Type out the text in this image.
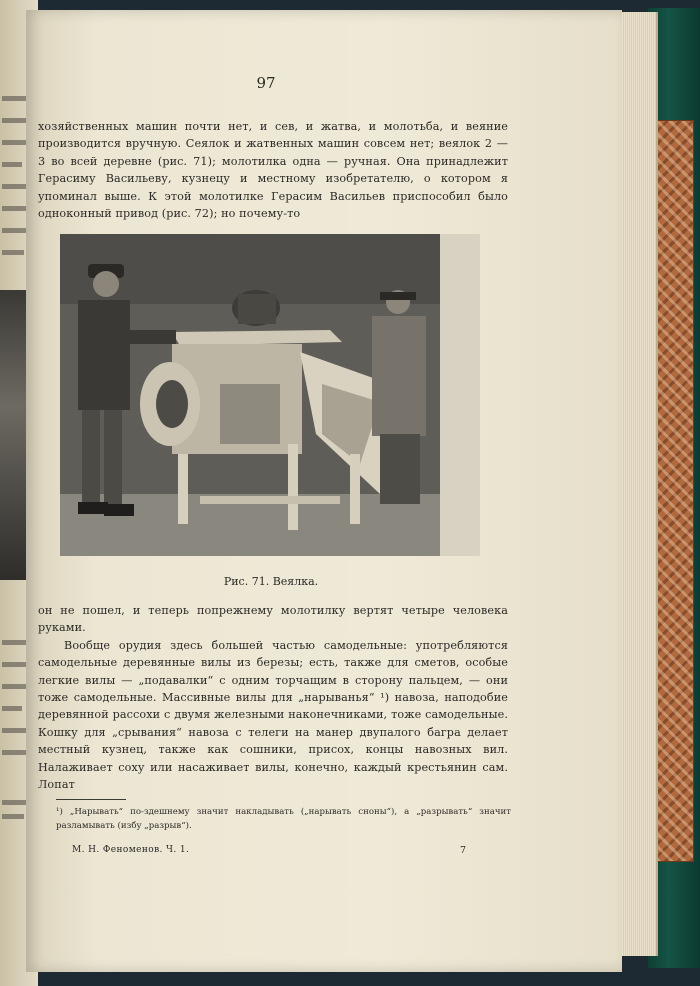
97

хозяйственных машин почти нет, и сев, и жатва, и молотьба, и веяние производится вручную. Сеялок и жатвенных машин совсем нет; веялок 2 — 3 во всей деревне (рис. 71); молотилка одна — ручная. Она принадлежит Герасиму Васильеву, кузнецу и местному изобретателю, о котором я упоминал выше. К этой молотилке Герасим Васильев приспособил было одноконный привод (рис. 72); но почему-то

Рис. 71. Веялка.

он не пошел, и теперь попрежнему молотилку вертят четыре человека руками.

Вообще орудия здесь большей частью самодельные: употребляются самодельные деревянные вилы из березы; есть, также для сметов, особые легкие вилы — „подавалки“ с одним торчащим в сторону пальцем, — они тоже самодельные. Массивные вилы для „нарыванья“ ¹) навоза, наподобие деревянной рассохи с двумя железными наконечниками, тоже самодельные. Кошку для „срывания“ навоза с телеги на манер двупалого багра делает местный кузнец, также как сошники, присох, концы навозных вил. Налаживает соху или насаживает вилы, конечно, каждый крестьянин сам. Лопат

¹) „Нарывать“ по-здешнему значит накладывать („нарывать сноны“), а „разрывать“ значит разламывать (избу „разрыв“).
М. Н. Феноменов. Ч. 1.	7
